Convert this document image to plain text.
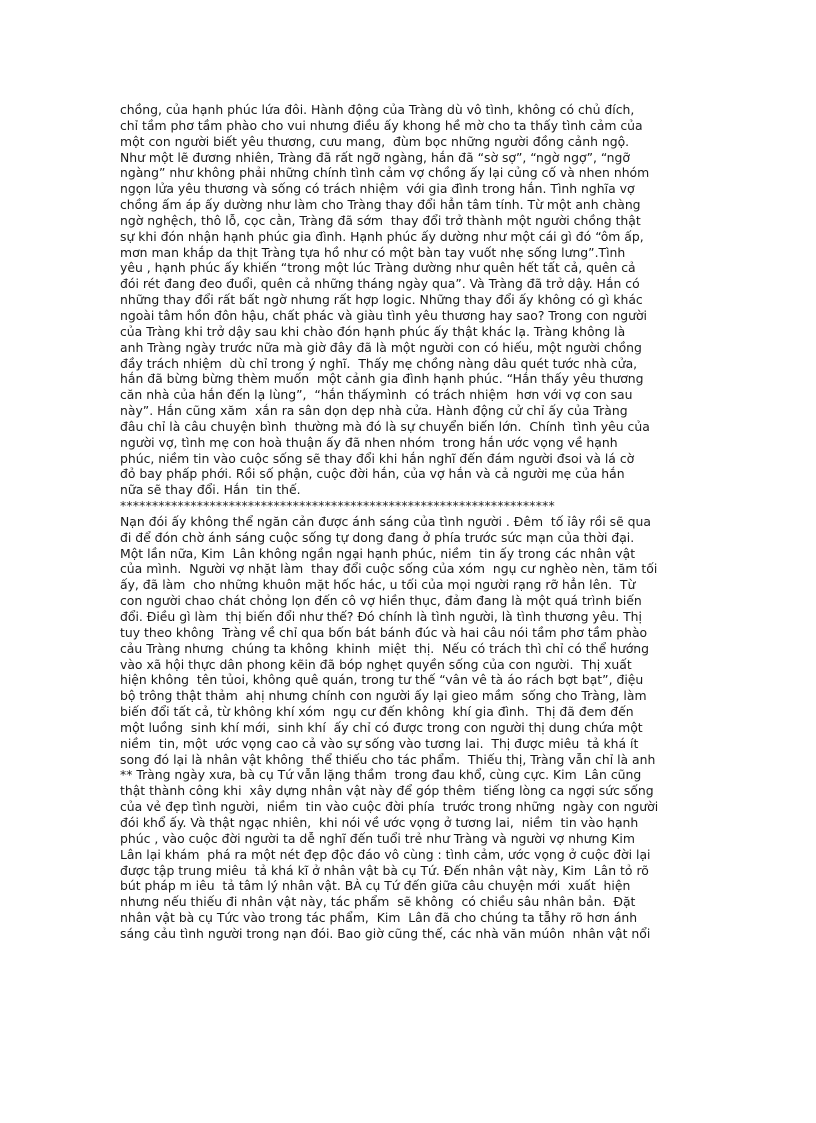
chồng, của hạnh phúc lứa đôi. Hành động của Tràng dù vô tình, không có chủ đích,
chỉ tầm phơ tầm phào cho vui nhưng điều ấy khong hề mờ cho ta thấy tình cảm của
một con người biết yêu thương, cưu mang,  đùm bọc những người đồng cảnh ngộ.
Như một lẽ đương nhiên, Tràng đã rất ngỡ ngàng, hắn đã “sờ sợ”, “ngờ ngợ”, “ngỡ
ngàng” như không phải những chính tình cảm vợ chồng ấy lại củng cố và nhen nhóm
ngọn lửa yêu thương và sống có trách nhiệm  với gia đình trong hắn. Tình nghĩa vợ
chồng ấm áp ấy dường như làm cho Tràng thay đổi hẳn tâm tính. Từ một anh chàng
ngờ nghệch, thô lỗ, cọc cằn, Tràng đã sớm  thay đổi trở thành một người chồng thật
sự khi đón nhận hạnh phúc gia đình. Hạnh phúc ấy dường như một cái gì đó “ôm ấp,
mơn man khắp da thịt Tràng tựa hồ như có một bàn tay vuốt nhẹ sống lưng”.Tình
yêu , hạnh phúc ấy khiến “trong một lúc Tràng dường như quên hết tất cả, quên cả
đói rét đang đeo đuổi, quên cả những tháng ngày qua”. Và Tràng đã trở dậy. Hắn có
những thay đổi rất bất ngờ nhưng rất hợp logic. Những thay đổi ấy không có gì khác
ngoài tâm hồn đôn hậu, chất phác và giàu tình yêu thương hay sao? Trong con người
của Tràng khi trở dậy sau khi chào đón hạnh phúc ấy thật khác lạ. Tràng không là
anh Tràng ngày trước nữa mà giờ đây đã là một người con có hiếu, một người chồng
đầy trách nhiệm  dù chỉ trong ý nghĩ.  Thấy mẹ chồng nàng dâu quét tước nhà cửa,
hắn đã bừng bừng thèm muốn  một cảnh gia đình hạnh phúc. “Hắn thấy yêu thương
căn nhà của hắn đến lạ lùng”,  “hắn thấymình  có trách nhiệm  hơn với vợ con sau
này”. Hắn cũng xăm  xắn ra sân dọn dẹp nhà cửa. Hành động cử chỉ ấy của Tràng
đâu chỉ là câu chuyện bình  thường mà đó là sự chuyển biến lớn.  Chính  tình yêu của
người vợ, tình mẹ con hoà thuận ấy đã nhen nhóm  trong hắn ước vọng về hạnh
phúc, niềm tin vào cuộc sống sẽ thay đổi khi hắn nghĩ đến đám người đsoi và lá cờ
đỏ bay phấp phới. Rồi số phận, cuộc đời hắn, của vợ hắn và cả người mẹ của hắn
nữa sẽ thay đổi. Hắn  tin thế.
********************************************************************
Nạn đói ấy không thể ngăn cản được ánh sáng của tình người . Đêm  tố ỉây rồi sẽ qua
đi để đón chờ ánh sáng cuộc sống tự dong đang ở phía trước sức mạn của thời đại.
Một lần nữa, Kim  Lân không ngần ngại hạnh phúc, niềm  tin ấy trong các nhân vật
của mình.  Người vợ nhặt làm  thay đổi cuộc sống của xóm  ngụ cư nghèo nèn, tăm tối
ấy, đã làm  cho những khuôn mặt hốc hác, u tối của mọi người rạng rỡ hẳn lên.  Từ
con người chao chát chỏng lọn đến cô vợ hiền thục, đảm đang là một quá trình biến
đổi. Điều gì làm  thị biến đổi như thế? Đó chính là tình người, là tình thương yêu. Thị
tuy theo không  Tràng về chỉ qua bốn bát bánh đúc và hai câu nói tầm phơ tầm phào
cảu Tràng nhưng  chúng ta không  khinh  miệt  thị.  Nếu có trách thì chỉ có thể hướng
vào xã hội thực dân phong kẽin đã bóp nghẹt quyền sống của con người.  Thị xuất
hiện không  tên tủoi, không quê quán, trong tư thế “vân vê tà áo rách bợt bạt”, điệu
bộ trông thật thảm  ahị nhưng chính con người ấy lại gieo mầm  sống cho Tràng, làm
biến đổi tất cả, từ không khí xóm  ngụ cư đến không  khí gia đình.  Thị đã đem đến
một luồng  sinh khí mới,  sinh khí  ấy chỉ có được trong con người thị dung chứa một
niềm  tin, một  ước vọng cao cả vào sự sống vào tương lai.  Thị được miêu  tả khá ít
song đó lại là nhân vật không  thể thiếu cho tác phẩm.  Thiếu thị, Tràng vẫn chỉ là anh
** Tràng ngày xưa, bà cụ Tứ vẫn lặng thầm  trong đau khổ, cùng cực. Kim  Lân cũng
thật thành công khi  xây dựng nhân vật này để góp thêm  tiếng lòng ca ngợi sức sống
của vẻ đẹp tình người,  niềm  tin vào cuộc đời phía  trước trong những  ngày con người
đói khổ ấy. Và thật ngạc nhiên,  khi nói về ước vọng ở tương lai,  niềm  tin vào hạnh
phúc , vào cuộc đời người ta dễ nghĩ đến tuổi trẻ như Tràng và người vợ nhưng Kim
Lân lại khám  phá ra một nét đẹp độc đáo vô cùng : tình cảm, ước vọng ở cuộc đời lại
được tập trung miêu  tả khá kĩ ở nhân vật bà cụ Tứ. Đến nhân vật này, Kim  Lân tỏ rõ
bút pháp m iêu  tả tâm lý nhân vật. BÀ cụ Tứ đến giữa câu chuyện mới  xuất  hiện
nhưng nếu thiếu đi nhân vật này, tác phẩm  sẽ không  có chiều sâu nhân bản.  Đặt
nhân vật bà cụ Tức vào trong tác phẩm,  Kim  Lân đã cho chúng ta tẫhy rõ hơn ánh
sáng cảu tình người trong nạn đói. Bao giờ cũng thế, các nhà văn múôn  nhân vật nổi
